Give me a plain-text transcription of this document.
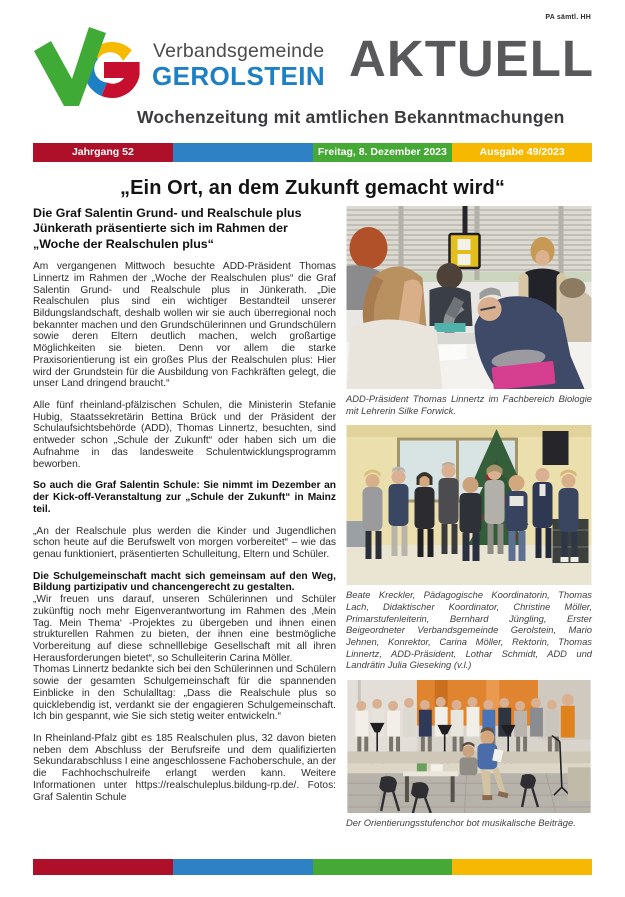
PA sämtl. HH
Verbandsgemeinde
GEROLSTEIN AKTUELL
Wochenzeitung mit amtlichen Bekanntmachungen
Jahrgang 52	Freitag, 8. Dezember 2023	Ausgabe 49/2023
„Ein Ort, an dem Zukunft gemacht wird“

Die Graf Salentin Grund- und Realschule plus Jünkerath präsentierte sich im Rahmen der „Woche der Realschulen plus“

Am vergangenen Mittwoch besuchte ADD-Präsident Thomas Linnertz im Rahmen der „Woche der Realschulen plus“ die Graf Salentin Grund- und Realschule plus in Jünkerath. „Die Realschulen plus sind ein wichtiger Bestandteil unserer Bildungslandschaft, deshalb wollen wir sie auch überregional noch bekannter machen und den Grundschülerinnen und Grundschülern sowie deren Eltern deutlich machen, welch großartige Möglichkeiten sie bieten. Denn vor allem die starke Praxisorientierung ist ein großes Plus der Realschulen plus: Hier wird der Grundstein für die Ausbildung von Fachkräften gelegt, die unser Land dringend braucht.“

Alle fünf rheinland-pfälzischen Schulen, die Ministerin Stefanie Hubig, Staatssekretärin Bettina Brück und der Präsident der Schulaufsichtsbehörde (ADD), Thomas Linnertz, besuchten, sind entweder schon „Schule der Zukunft“ oder haben sich um die Aufnahme in das landesweite Schulentwicklungsprogramm beworben.

So auch die Graf Salentin Schule: Sie nimmt im Dezember an der Kick-off-Veranstaltung zur „Schule der Zukunft“ in Mainz teil.

„An der Realschule plus werden die Kinder und Jugendlichen schon heute auf die Berufswelt von morgen vorbereitet“ – wie das genau funktioniert, präsentierten Schulleitung, Eltern und Schüler.

Die Schulgemeinschaft macht sich gemeinsam auf den Weg, Bildung partizipativ und chancengerecht zu gestalten.
„Wir freuen uns darauf, unseren Schülerinnen und Schüler zukünftig noch mehr Eigenverantwortung im Rahmen des ‚Mein Tag. Mein Thema‘ -Projektes zu übergeben und ihnen einen strukturellen Rahmen zu bieten, der ihnen eine bestmögliche Vorbereitung auf diese schnelllebige Gesellschaft mit all ihren Herausforderungen bietet“, so Schulleiterin Carina Möller.
Thomas Linnertz bedankte sich bei den Schülerinnen und Schülern sowie der gesamten Schulgemeinschaft für die spannenden Einblicke in den Schulalltag: „Dass die Realschule plus so quicklebendig ist, verdankt sie der engagieren Schulgemeinschaft. Ich bin gespannt, wie Sie sich stetig weiter entwickeln.“

In Rheinland-Pfalz gibt es 185 Realschulen plus, 32 davon bieten neben dem Abschluss der Berufsreife und dem qualifizierten Sekundarabschluss I eine angeschlossene Fachoberschule, an der die Fachhochschulreife erlangt werden kann. Weitere Informationen unter https://realschuleplus.bildung-rp.de/. Fotos: Graf Salentin Schule

ADD-Präsident Thomas Linnertz im Fachbereich Biologie mit Lehrerin Silke Forwick.
Beate Kreckler, Pädagogische Koordinatorin, Thomas Lach, Didaktischer Koordinator, Christine Möller, Primarstufenleiterin, Bernhard Jüngling, Erster Beigeordneter Verbandsgemeinde Gerolstein, Mario Jehnen, Konrektor, Carina Möller, Rektorin, Thomas Linnertz, ADD-Präsident, Lothar Schmidt, ADD und Landrätin Julia Gieseking (v.l.)
Der Orientierungsstufenchor bot musikalische Beiträge.
